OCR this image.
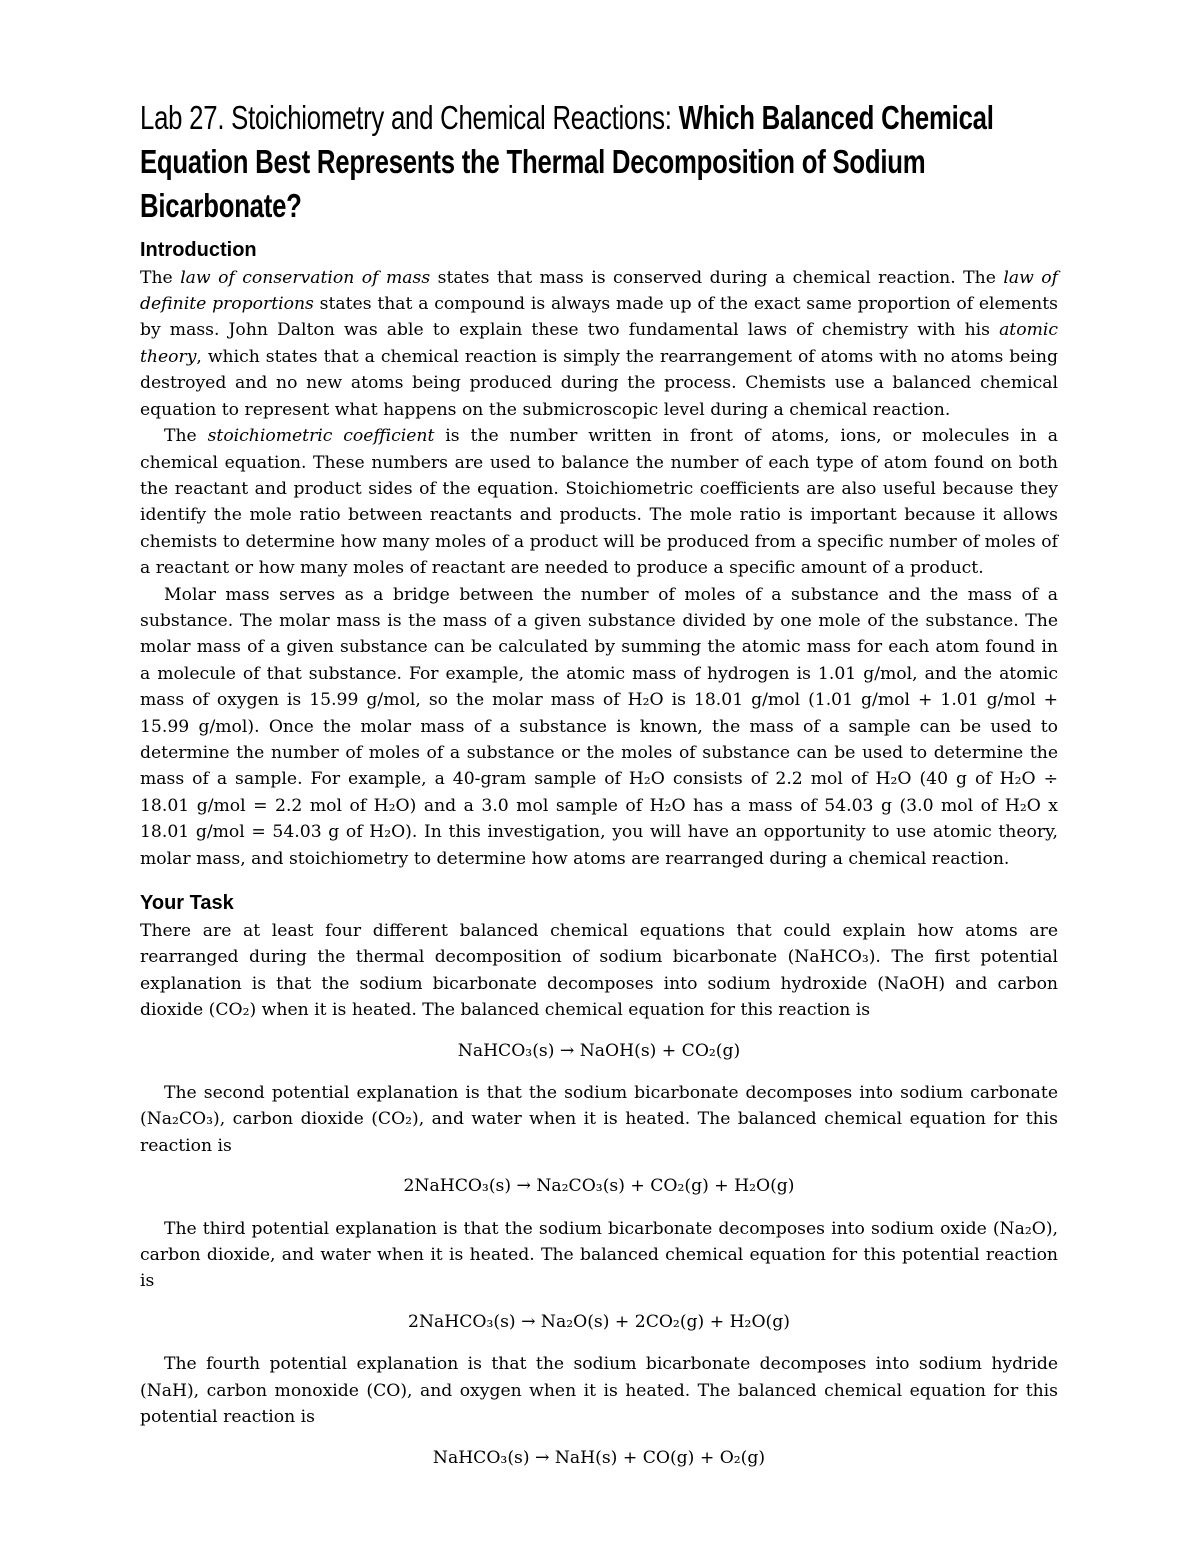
Lab 27. Stoichiometry and Chemical Reactions: Which Balanced Chemical Equation Best Represents the Thermal Decomposition of Sodium Bicarbonate?
Introduction

The law of conservation of mass states that mass is conserved during a chemical reaction. The law of definite proportions states that a compound is always made up of the exact same proportion of elements by mass. John Dalton was able to explain these two fundamental laws of chemistry with his atomic theory, which states that a chemical reaction is simply the rearrangement of atoms with no atoms being destroyed and no new atoms being produced during the process. Chemists use a balanced chemical equation to represent what happens on the submicroscopic level during a chemical reaction.

The stoichiometric coefficient is the number written in front of atoms, ions, or molecules in a chemical equation. These numbers are used to balance the number of each type of atom found on both the reactant and product sides of the equation. Stoichiometric coefficients are also useful because they identify the mole ratio between reactants and products. The mole ratio is important because it allows chemists to determine how many moles of a product will be produced from a specific number of moles of a reactant or how many moles of reactant are needed to produce a specific amount of a product.

Molar mass serves as a bridge between the number of moles of a substance and the mass of a substance. The molar mass is the mass of a given substance divided by one mole of the substance. The molar mass of a given substance can be calculated by summing the atomic mass for each atom found in a molecule of that substance. For example, the atomic mass of hydrogen is 1.01 g/mol, and the atomic mass of oxygen is 15.99 g/mol, so the molar mass of H₂O is 18.01 g/mol (1.01 g/mol + 1.01 g/mol + 15.99 g/mol). Once the molar mass of a substance is known, the mass of a sample can be used to determine the number of moles of a substance or the moles of substance can be used to determine the mass of a sample. For example, a 40-gram sample of H₂O consists of 2.2 mol of H₂O (40 g of H₂O ÷ 18.01 g/mol = 2.2 mol of H₂O) and a 3.0 mol sample of H₂O has a mass of 54.03 g (3.0 mol of H₂O x 18.01 g/mol = 54.03 g of H₂O). In this investigation, you will have an opportunity to use atomic theory, molar mass, and stoichiometry to determine how atoms are rearranged during a chemical reaction.

Your Task

There are at least four different balanced chemical equations that could explain how atoms are rearranged during the thermal decomposition of sodium bicarbonate (NaHCO₃). The first potential explanation is that the sodium bicarbonate decomposes into sodium hydroxide (NaOH) and carbon dioxide (CO₂) when it is heated. The balanced chemical equation for this reaction is

NaHCO₃(s) → NaOH(s) + CO₂(g)

The second potential explanation is that the sodium bicarbonate decomposes into sodium carbonate (Na₂CO₃), carbon dioxide (CO₂), and water when it is heated. The balanced chemical equation for this reaction is

2NaHCO₃(s) → Na₂CO₃(s) + CO₂(g) + H₂O(g)

The third potential explanation is that the sodium bicarbonate decomposes into sodium oxide (Na₂O), carbon dioxide, and water when it is heated. The balanced chemical equation for this potential reaction is

2NaHCO₃(s) → Na₂O(s) + 2CO₂(g) + H₂O(g)

The fourth potential explanation is that the sodium bicarbonate decomposes into sodium hydride (NaH), carbon monoxide (CO), and oxygen when it is heated. The balanced chemical equation for this potential reaction is

NaHCO₃(s) → NaH(s) + CO(g) + O₂(g)
